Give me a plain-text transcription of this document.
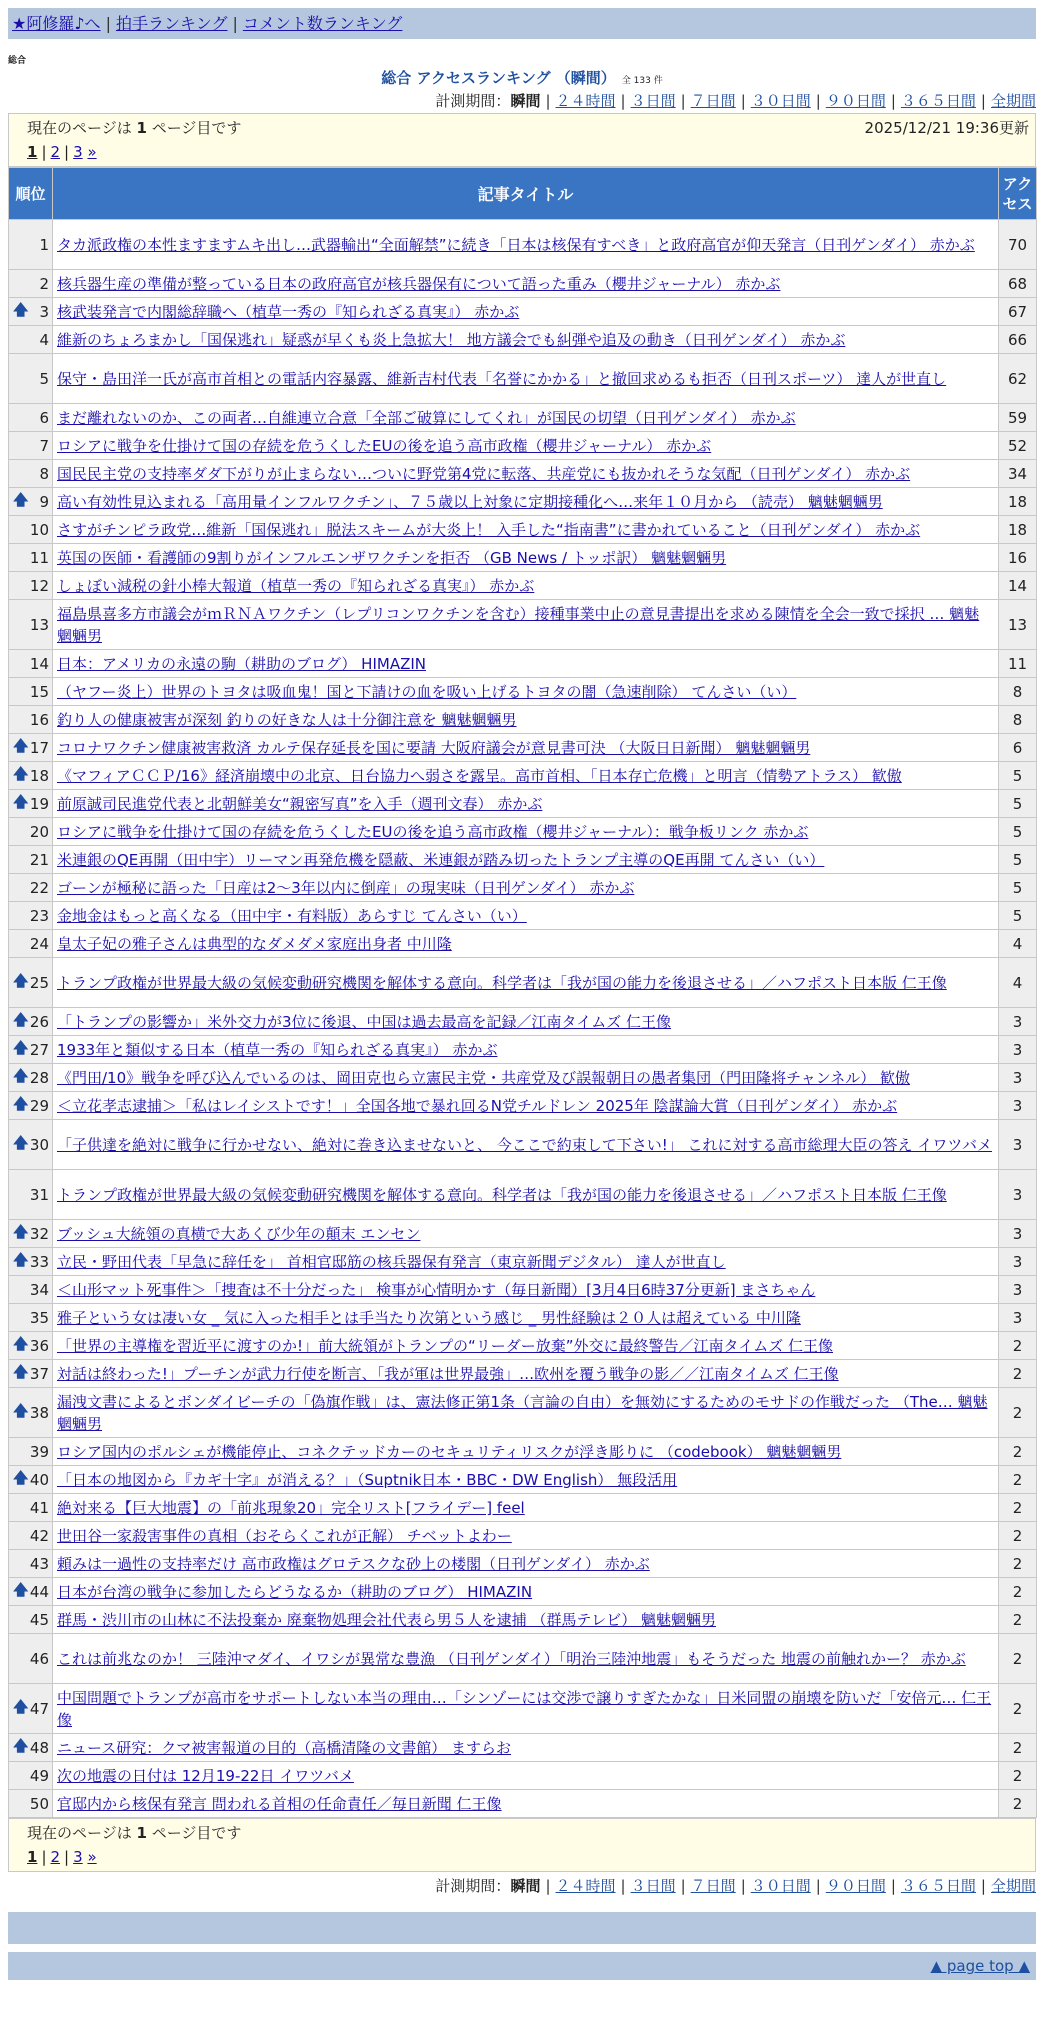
★阿修羅♪へ | 拍手ランキング | コメント数ランキング
総合
総合 アクセスランキング （瞬間） 全 133 件
計測期間：瞬間 | ２４時間 | ３日間 | ７日間 | ３０日間 | ９０日間 | ３６５日間 | 全期間
現在のページは 1 ページ目です	2025/12/21 19:36更新
1 | 2 | 3 »
順位	記事タイトル	アクセス
1	タカ派政権の本性ますますムキ出し…武器輸出“全面解禁”に続き「日本は核保有すべき」と政府高官が仰天発言（日刊ゲンダイ） 赤かぶ	70
2	核兵器生産の準備が整っている日本の政府高官が核兵器保有について語った重み（櫻井ジャーナル） 赤かぶ	68

🡅 3	核武装発言で内閣総辞職へ（植草一秀の『知られざる真実』） 赤かぶ	67
4	維新のちょろまかし「国保逃れ」疑惑が早くも炎上急拡大！ 地方議会でも糾弾や追及の動き（日刊ゲンダイ） 赤かぶ	66
5	保守・島田洋一氏が高市首相との電話内容暴露、維新吉村代表「名誉にかかる」と撤回求めるも拒否（日刊スポーツ） 達人が世直し	62
6	まだ離れないのか、この両者…自維連立合意「全部ご破算にしてくれ」が国民の切望（日刊ゲンダイ） 赤かぶ	59
7	ロシアに戦争を仕掛けて国の存続を危うくしたEUの後を追う高市政権（櫻井ジャーナル） 赤かぶ	52
8	国民民主党の支持率ダダ下がりが止まらない…ついに野党第4党に転落、共産党にも抜かれそうな気配（日刊ゲンダイ） 赤かぶ	34

🡅 9	高い有効性見込まれる「高用量インフルワクチン」、７５歳以上対象に定期接種化へ…来年１０月から （読売） 魑魅魍魎男	18
10	さすがチンピラ政党…維新「国保逃れ」脱法スキームが大炎上！ 入手した“指南書”に書かれていること（日刊ゲンダイ） 赤かぶ	18
11	英国の医師・看護師の9割りがインフルエンザワクチンを拒否 （GB News / トッポ訳） 魑魅魍魎男	16
12	しょぼい減税の針小棒大報道（植草一秀の『知られざる真実』） 赤かぶ	14
13	福島県喜多方市議会がｍＲＮＡワクチン（レプリコンワクチンを含む）接種事業中止の意見書提出を求める陳情を全会一致で採択 … 魑魅魍魎男	13
14	日本：アメリカの永遠の駒（耕助のブログ） HIMAZIN	11
15	（ヤフー炎上）世界のトヨタは吸血鬼！国と下請けの血を吸い上げるトヨタの闇（急速削除） てんさい（い）	8
16	釣り人の健康被害が深刻 釣りの好きな人は十分御注意を 魑魅魍魎男	8

🡅 17	コロナワクチン健康被害救済 カルテ保存延長を国に要請 大阪府議会が意見書可決 （大阪日日新聞） 魑魅魍魎男	6

🡅 18	《マフィアＣＣＰ/16》経済崩壊中の北京、日台協力へ弱さを露呈。高市首相、「日本存亡危機」と明言（情勢アトラス） 歓傲	5

🡅 19	前原誠司民進党代表と北朝鮮美女“親密写真”を入手（週刊文春） 赤かぶ	5
20	ロシアに戦争を仕掛けて国の存続を危うくしたEUの後を追う高市政権（櫻井ジャーナル）：戦争板リンク 赤かぶ	5
21	米連銀のQE再開（田中宇）リーマン再発危機を隠蔽、米連銀が踏み切ったトランプ主導のQE再開 てんさい（い）	5
22	ゴーンが極秘に語った「日産は2～3年以内に倒産」の現実味（日刊ゲンダイ） 赤かぶ	5
23	金地金はもっと高くなる（田中宇・有料版）あらすじ てんさい（い）	5
24	皇太子妃の雅子さんは典型的なダメダメ家庭出身者 中川隆	4

🡅 25	トランプ政権が世界最大級の気候変動研究機関を解体する意向。科学者は「我が国の能力を後退させる」／ハフポスト日本版 仁王像	4

🡅 26	「トランプの影響か」米外交力が3位に後退、中国は過去最高を記録／江南タイムズ 仁王像	3

🡅 27	1933年と類似する日本（植草一秀の『知られざる真実』） 赤かぶ	3

🡅 28	《門田/10》戦争を呼び込んでいるのは、岡田克也ら立憲民主党・共産党及び誤報朝日の愚者集団（門田隆将チャンネル） 歓傲	3

🡅 29	＜立花孝志逮捕＞「私はレイシストです！」全国各地で暴れ回るN党チルドレン 2025年 陰謀論大賞（日刊ゲンダイ） 赤かぶ	3

🡅 30	「子供達を絶対に戦争に行かせない、絶対に巻き込ませないと、 今ここで約束して下さい!」 これに対する高市総理大臣の答え イワツバメ	3
31	トランプ政権が世界最大級の気候変動研究機関を解体する意向。科学者は「我が国の能力を後退させる」／ハフポスト日本版 仁王像	3

🡅 32	ブッシュ大統領の真横で大あくび少年の顛末 エンセン	3

🡅 33	立民・野田代表「早急に辞任を」 首相官邸筋の核兵器保有発言（東京新聞デジタル） 達人が世直し	3
34	＜山形マット死事件＞「捜査は不十分だった」 検事が心情明かす（毎日新聞）[3月4日6時37分更新] まさちゃん	3
35	雅子という女は凄い女 _ 気に入った相手とは手当たり次第という感じ _ 男性経験は２０人は超えている 中川隆	3

🡅 36	「世界の主導権を習近平に渡すのか!」前大統領がトランプの“リーダー放棄”外交に最終警告／江南タイムズ 仁王像	2

🡅 37	対話は終わった!」プーチンが武力行使を断言、「我が軍は世界最強」…欧州を覆う戦争の影／／江南タイムズ 仁王像	2

🡅 38	漏洩文書によるとボンダイビーチの「偽旗作戦」は、憲法修正第1条（言論の自由）を無効にするためのモサドの作戦だった （The… 魑魅魍魎男	2
39	ロシア国内のポルシェが機能停止、コネクテッドカーのセキュリティリスクが浮き彫りに （codebook） 魑魅魍魎男	2

🡅 40	「日本の地図から『カギ十字』が消える？」（Suptnik日本・BBC・DW English） 無段活用	2
41	絶対来る【巨大地震】の「前兆現象20」完全リスト[フライデー] feel	2
42	世田谷一家殺害事件の真相（おそらくこれが正解） チベットよわー	2
43	頼みは一過性の支持率だけ 高市政権はグロテスクな砂上の楼閣（日刊ゲンダイ） 赤かぶ	2

🡅 44	日本が台湾の戦争に参加したらどうなるか（耕助のブログ） HIMAZIN	2
45	群馬・渋川市の山林に不法投棄か 廃棄物処理会社代表ら男５人を逮捕 （群馬テレビ） 魑魅魍魎男	2
46	これは前兆なのか！ 三陸沖マダイ、イワシが異常な豊漁 （日刊ゲンダイ）「明治三陸沖地震」もそうだった 地震の前触れかー？ 赤かぶ	2

🡅 47	中国問題でトランプが高市をサポートしない本当の理由…「シンゾーには交渉で譲りすぎたかな」日米同盟の崩壊を防いだ「安倍元… 仁王像	2

🡅 48	ニュース研究：クマ被害報道の目的（高橋清隆の文書館） ますらお	2
49	次の地震の日付は 12月19-22日 イワツバメ	2
50	官邸内から核保有発言 問われる首相の任命責任／毎日新聞 仁王像	2
現在のページは 1 ページ目です
1 | 2 | 3 »
計測期間：瞬間 | ２４時間 | ３日間 | ７日間 | ３０日間 | ９０日間 | ３６５日間 | 全期間
▲ page top ▲
